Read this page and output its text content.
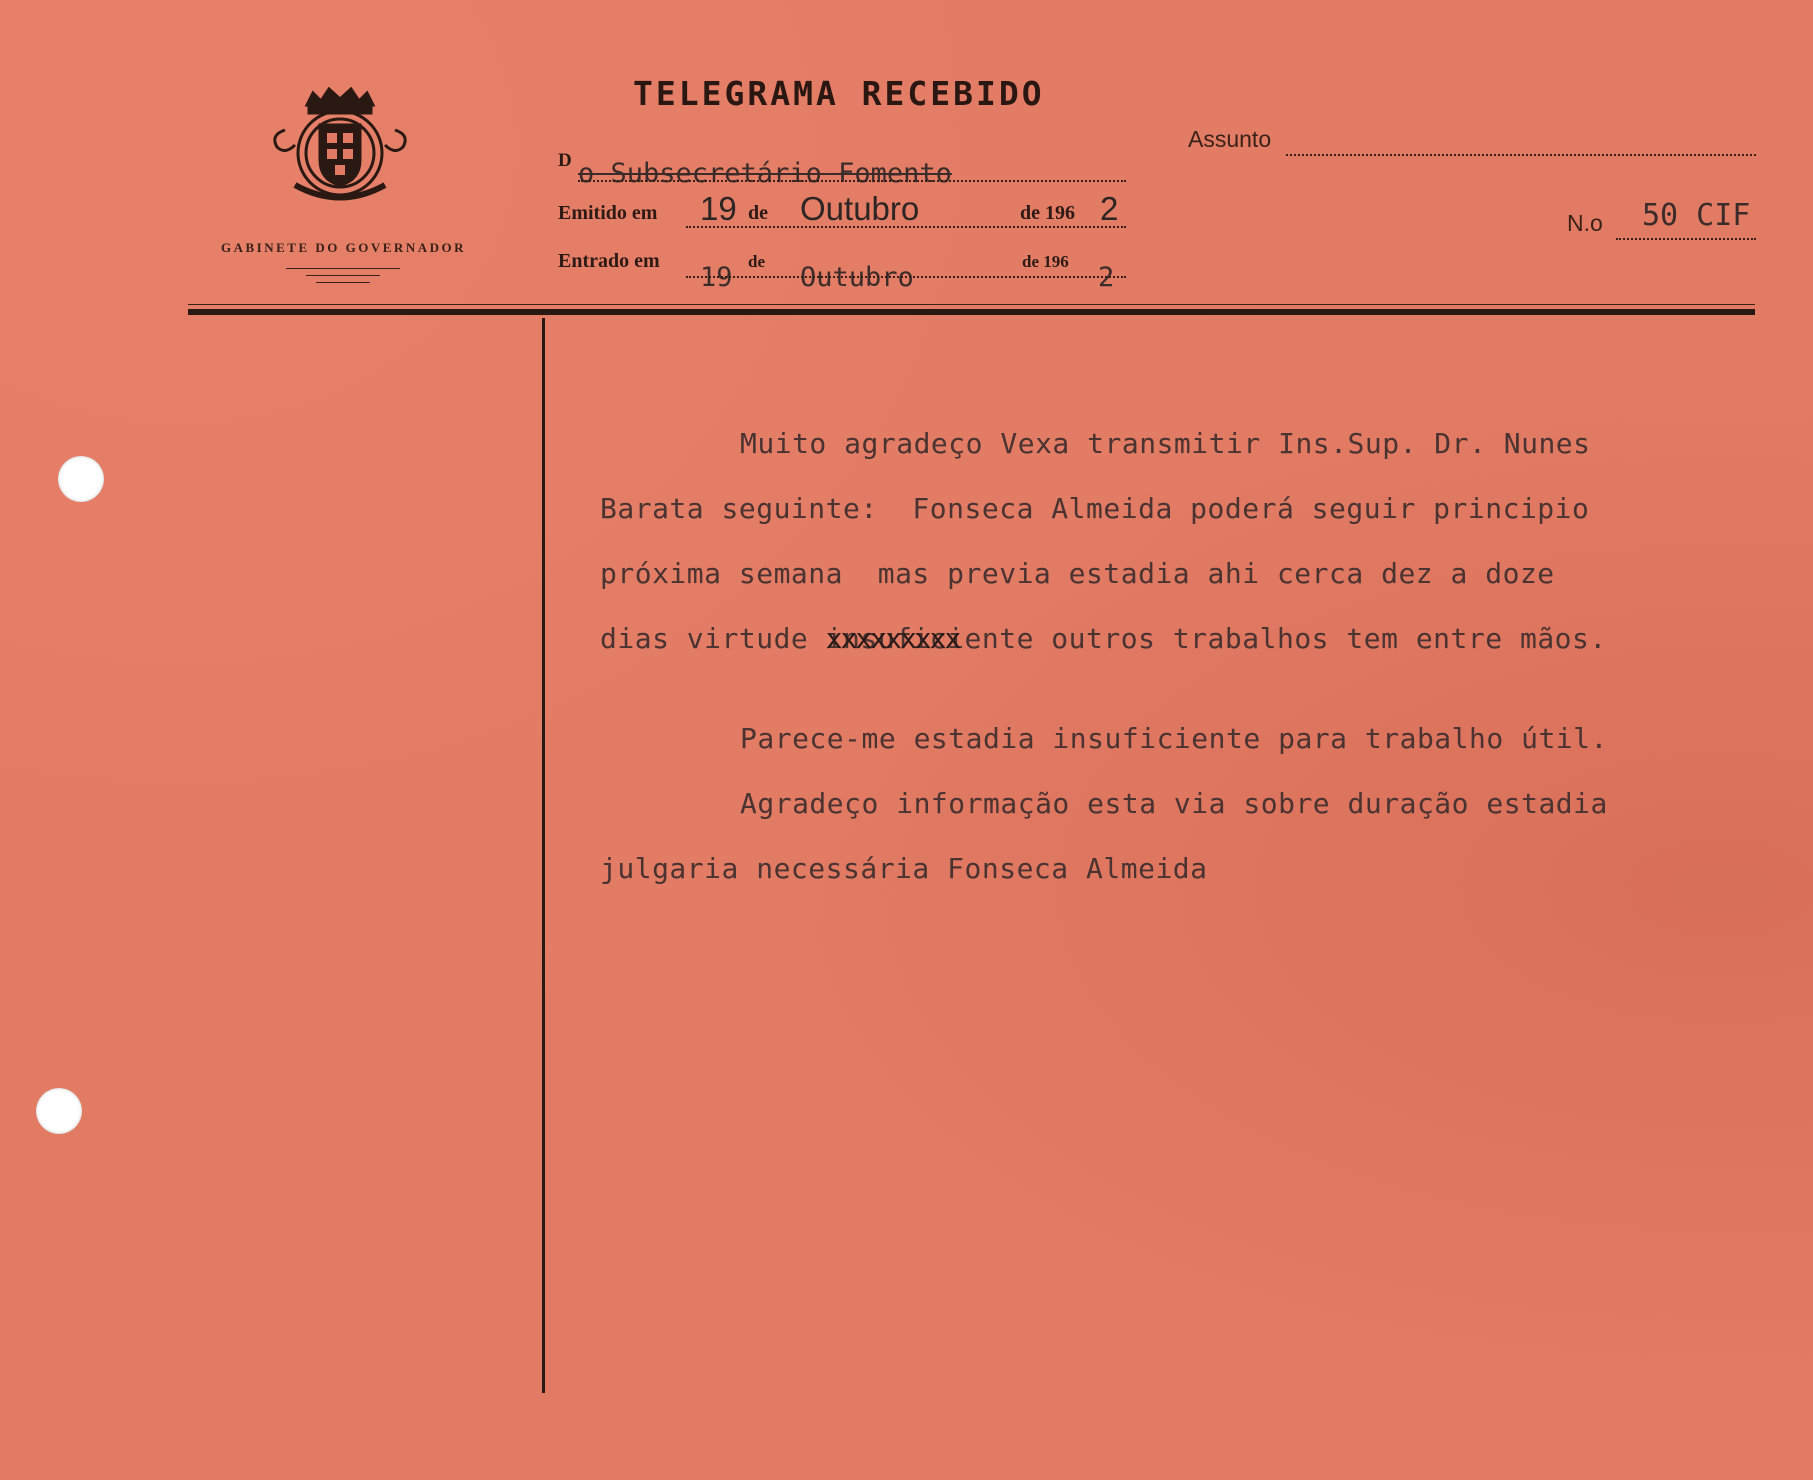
GABINETE DO GOVERNADOR
TELEGRAMA RECEBIDO
D o Subsecretário Fomento
Emitido em 19 de Outubro	de 196 2
Entrado em
19
de
Outubro
de 196
2
Assunto
N.o 50 CIF
Muito agradeço Vexa transmitir Ins.Sup. Dr. Nunes
Barata seguinte:  Fonseca Almeida poderá seguir principio
próxima semana  mas previa estadia ahi cerca dez a doze
dias virtude insuficiente xxxxxxxxx outros trabalhos tem entre mãos.
Parece-me estadia insuficiente para trabalho útil.
Agradeço informação esta via sobre duração estadia
julgaria necessária Fonseca Almeida
